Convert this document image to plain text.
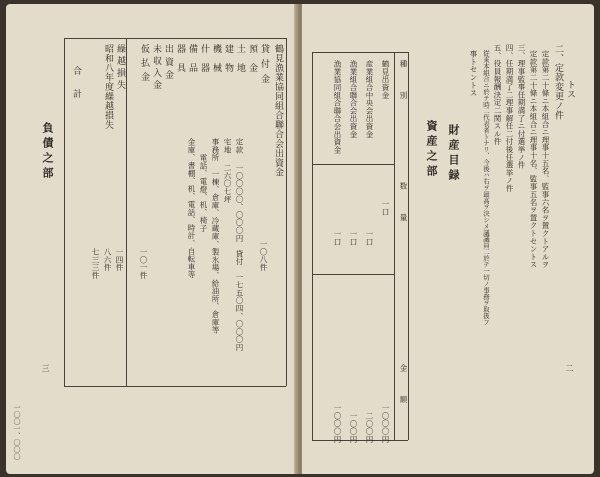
鶴見漁業協同組合聯合会出資金
貸付金
預金
土地
建物
機械
什器
備品
器具
出資金
未収入金
仮払金
繰越損失
昭和八年度繰越損失
一〇八件
定款
一〇〇〇〇、〇〇〇円　貸付　一七五〇四、〇〇〇円
宅地
二六〇七坪
事務所
一棟、倉庫、冷蔵庫、製氷場、給油所、倉庫等
電話、電燈、机、椅子
金庫、書棚、机、電話、時計、自転車等
一〇一件
一四件
八六件
七三三件
合計
負債之部
三
一〇〇一、〇〇〇
トス
二、定款変更ノ件
定款第二十條ニ本組合ニ理事十五名、監事六名ヲ置クトアルヲ
定款第二十條ニ本組合ニ理事十名、監事五名ヲ置クトセントス
三、理事監事任期満了ニ付選挙ノ件
四、任期満了二理事解任二付後任選挙ノ件
五、役員報酬決定二関スル件
從來本組合ニ於テ時二代表者トナリ、今後ハ右ヲ最高ヲ決シメ議議員二於テ一切ノ事務ヲ取扱フ
事トセントス
財産目録
資産之部
種別
数量
金額
鶴見出資金
一口
一〇〇〇円
産業組合中央会出資金
一口
二〇〇円
漁業組合聯合会出資金
一口
一〇〇円
漁業協同組合聯合会出資金
一口
一〇〇〇円
二
